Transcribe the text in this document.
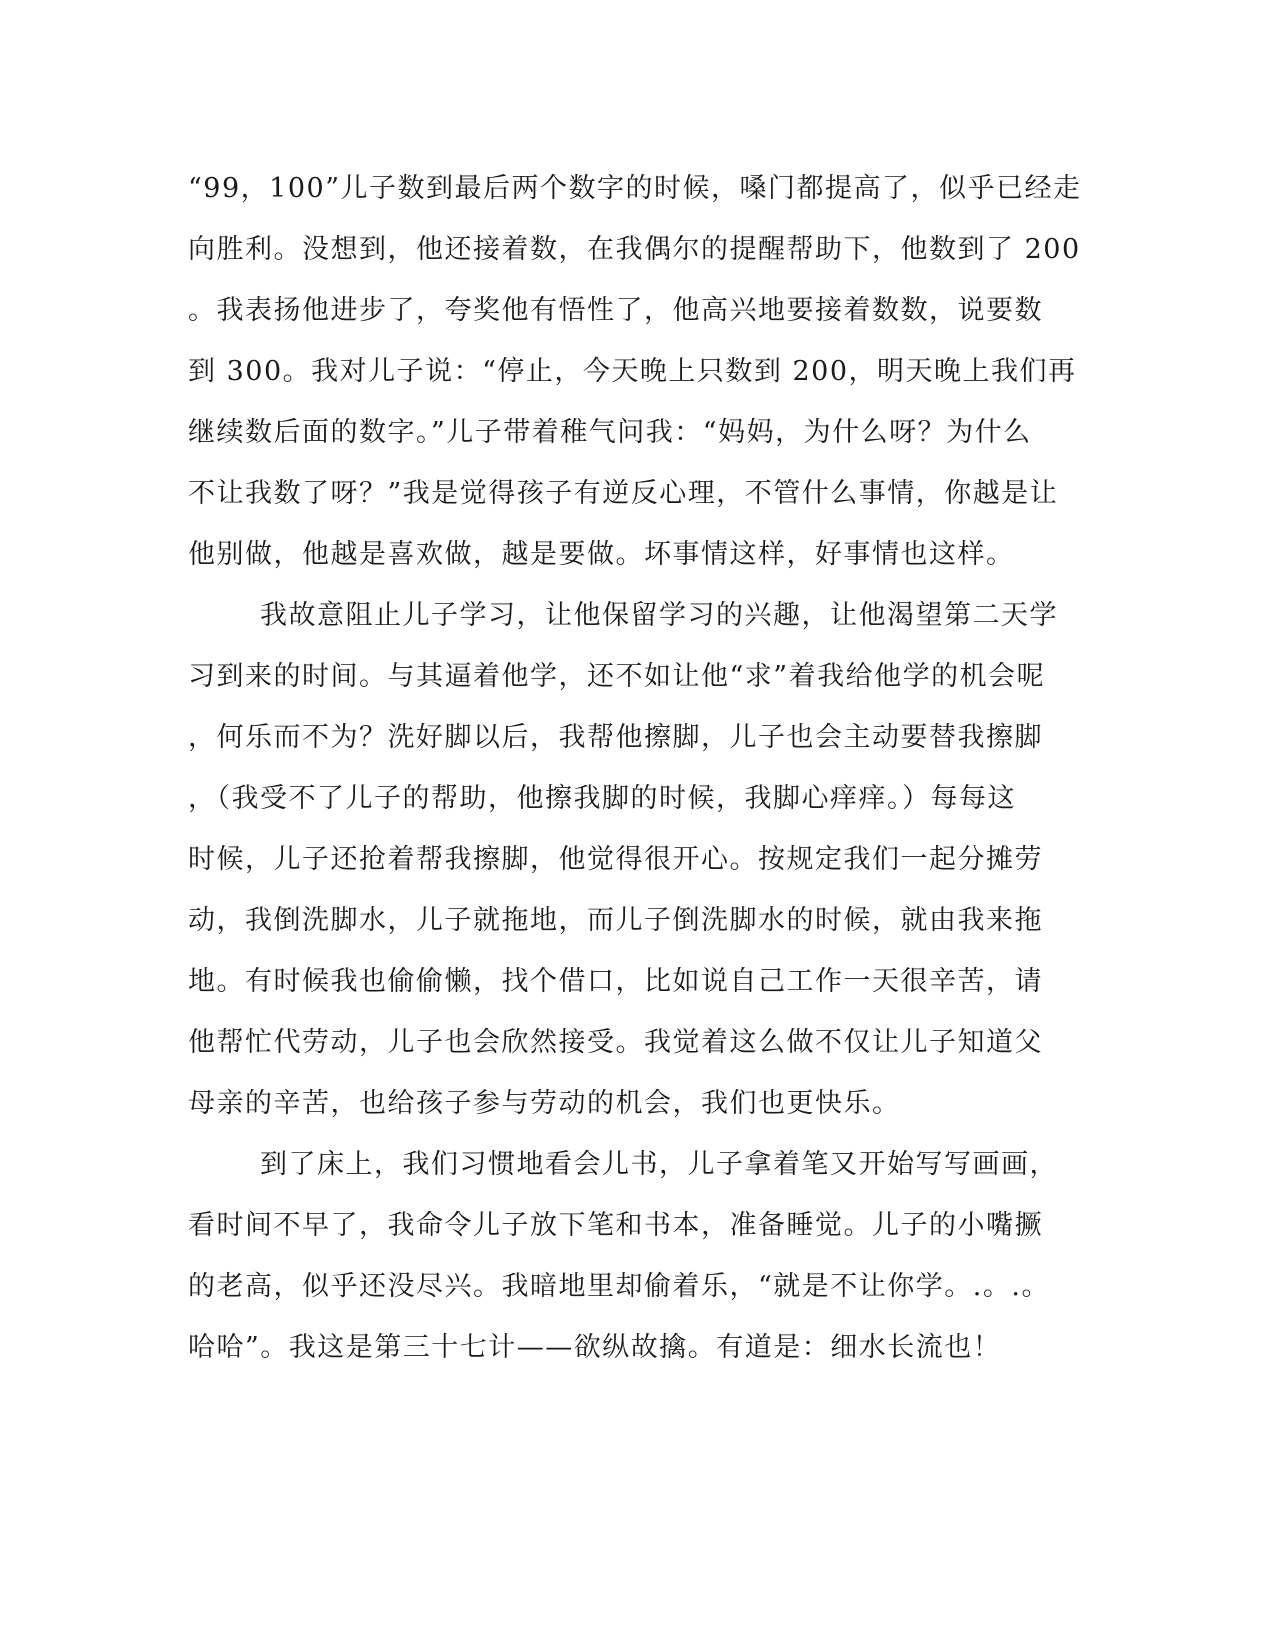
“99，100”儿子数到最后两个数字的时候，嗓门都提高了，似乎已经走
向胜利。没想到，他还接着数，在我偶尔的提醒帮助下，他数到了 200
。我表扬他进步了，夸奖他有悟性了，他高兴地要接着数数，说要数
到 300。我对儿子说：“停止，今天晚上只数到 200，明天晚上我们再
继续数后面的数字。”儿子带着稚气问我：“妈妈，为什么呀？为什么
不让我数了呀？”我是觉得孩子有逆反心理，不管什么事情，你越是让
他别做，他越是喜欢做，越是要做。坏事情这样，好事情也这样。
我故意阻止儿子学习，让他保留学习的兴趣，让他渴望第二天学
习到来的时间。与其逼着他学，还不如让他“求”着我给他学的机会呢
，何乐而不为？洗好脚以后，我帮他擦脚，儿子也会主动要替我擦脚
，（我受不了儿子的帮助，他擦我脚的时候，我脚心痒痒。）每每这
时候，儿子还抢着帮我擦脚，他觉得很开心。按规定我们一起分摊劳
动，我倒洗脚水，儿子就拖地，而儿子倒洗脚水的时候，就由我来拖
地。有时候我也偷偷懒，找个借口，比如说自己工作一天很辛苦，请
他帮忙代劳动，儿子也会欣然接受。我觉着这么做不仅让儿子知道父
母亲的辛苦，也给孩子参与劳动的机会，我们也更快乐。
到了床上，我们习惯地看会儿书，儿子拿着笔又开始写写画画，
看时间不早了，我命令儿子放下笔和书本，准备睡觉。儿子的小嘴撅
的老高，似乎还没尽兴。我暗地里却偷着乐，“就是不让你学。.。.。
哈哈”。我这是第三十七计——欲纵故擒。有道是：细水长流也！
